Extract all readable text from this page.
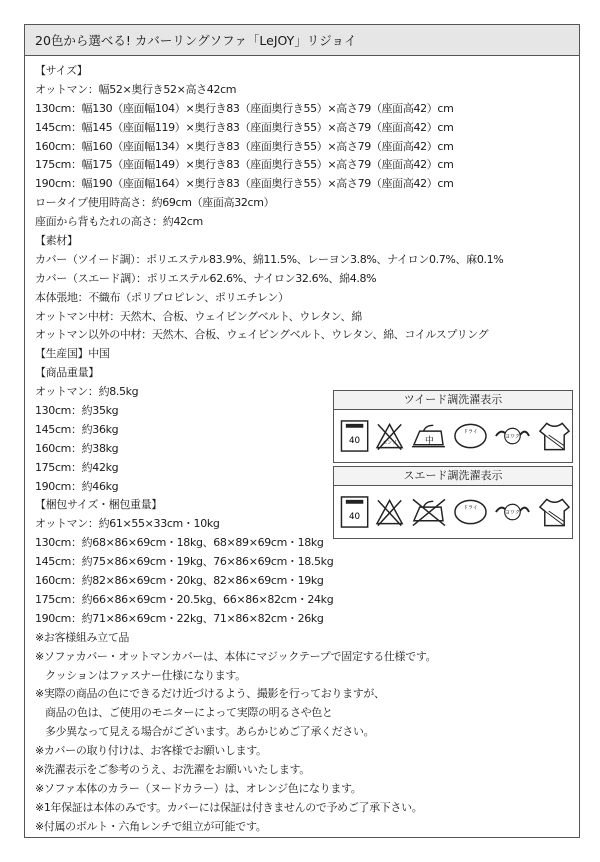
20色から選べる! カバーリングソファ「LeJOY」リジョイ
【サイズ】
オットマン：幅52×奥行き52×高さ42cm
130cm：幅130（座面幅104）×奥行き83（座面奥行き55）×高さ79（座面高42）cm
145cm：幅145（座面幅119）×奥行き83（座面奥行き55）×高さ79（座面高42）cm
160cm：幅160（座面幅134）×奥行き83（座面奥行き55）×高さ79（座面高42）cm
175cm：幅175（座面幅149）×奥行き83（座面奥行き55）×高さ79（座面高42）cm
190cm：幅190（座面幅164）×奥行き83（座面奥行き55）×高さ79（座面高42）cm
ロータイプ使用時高さ：約69cm（座面高32cm）
座面から背もたれの高さ：約42cm
【素材】
カバー（ツイード調）：ポリエステル83.9%、綿11.5%、レーヨン3.8%、ナイロン0.7%、麻0.1%
カバー（スエード調）：ポリエステル62.6%、ナイロン32.6%、綿4.8%
本体張地：不織布（ポリプロピレン、ポリエチレン）
オットマン中材：天然木、合板、ウェイビングベルト、ウレタン、綿
オットマン以外の中材：天然木、合板、ウェイビングベルト、ウレタン、綿、コイルスプリング
【生産国】中国
【商品重量】
オットマン：約8.5kg
130cm：約35kg
145cm：約36kg
160cm：約38kg
175cm：約42kg
190cm：約46kg
【梱包サイズ・梱包重量】
オットマン：約61×55×33cm・10kg
130cm：約68×86×69cm・18kg、68×89×69cm・18kg
145cm：約75×86×69cm・19kg、76×86×69cm・18.5kg
160cm：約82×86×69cm・20kg、82×86×69cm・19kg
175cm：約66×86×69cm・20.5kg、66×86×82cm・24kg
190cm：約71×86×69cm・22kg、71×86×82cm・26kg
※お客様組み立て品
※ソファカバー・オットマンカバーは、本体にマジックテープで固定する仕様です。
クッションはファスナー仕様になります。
※実際の商品の色にできるだけ近づけるよう、撮影を行っておりますが、
商品の色は、ご使用のモニターによって実際の明るさや色と
多少異なって見える場合がございます。あらかじめご了承ください。
※カバーの取り付けは、お客様でお願いします。
※洗濯表示をご参考のうえ、お洗濯をお願いいたします。
※ソファ本体のカラー（ヌードカラー）は、オレンジ色になります。
※1年保証は本体のみです。カバーには保証は付きませんので予めご了承下さい。
※付属のボルト・六角レンチで組立が可能です。
ツイード調洗濯表示
40	エンソ	中
ドライ
ヨワク
スエード調洗濯表示
40
ドライ
ヨワク
